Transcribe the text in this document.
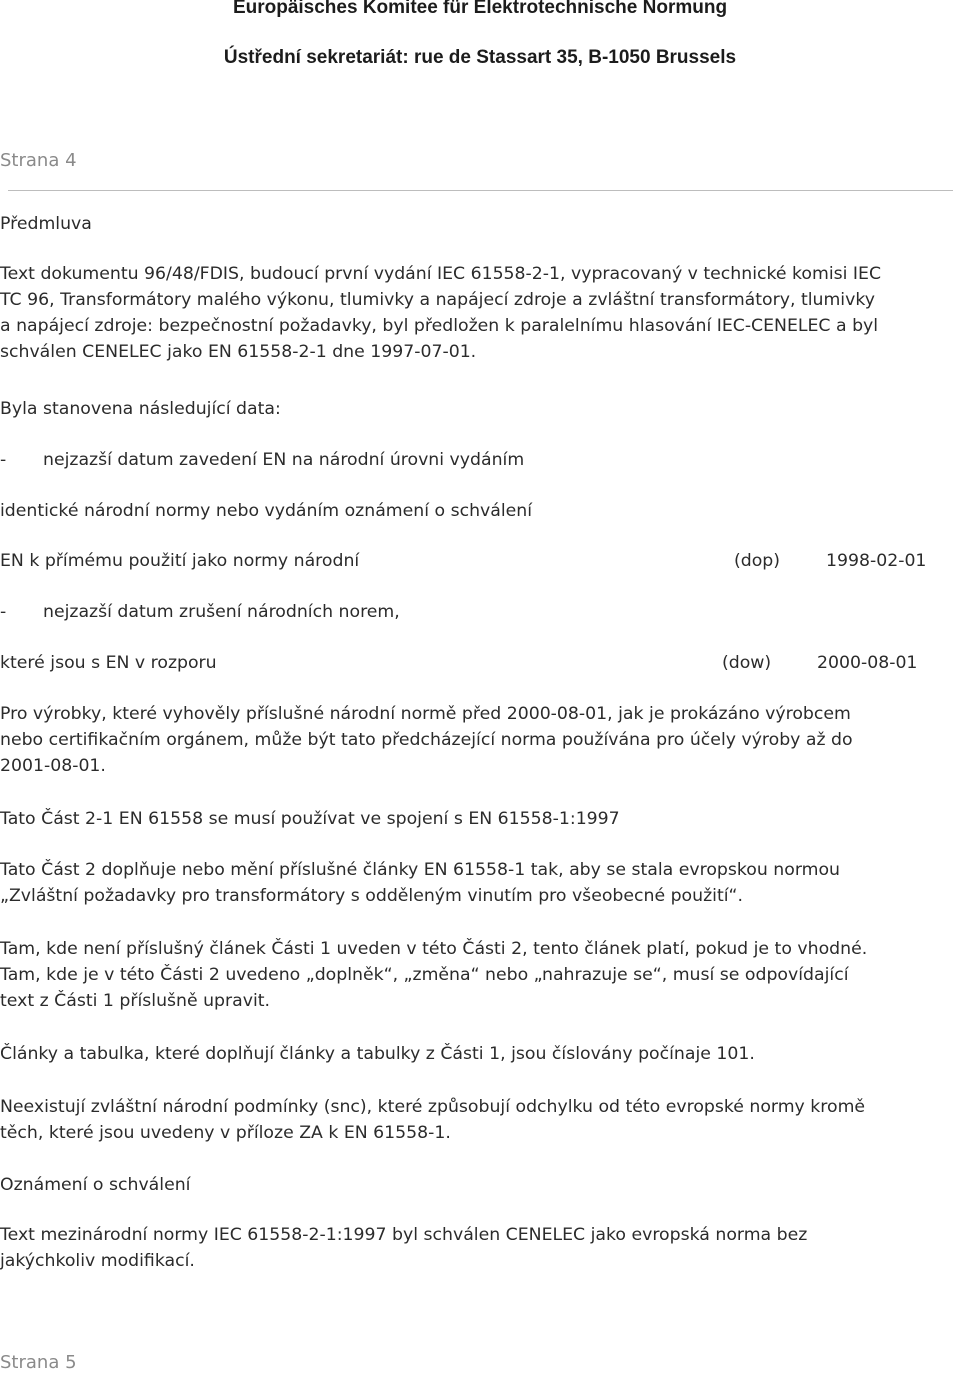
Europäisches Komitee für Elektrotechnische Normung
Ústřední sekretariát: rue de Stassart 35, B-1050 Brussels
Strana 4
Předmluva
Text dokumentu 96/48/FDIS, budoucí první vydání IEC 61558-2-1, vypracovaný v technické komisi IEC
TC 96, Transformátory malého výkonu, tlumivky a napájecí zdroje a zvláštní transformátory, tlumivky
a napájecí zdroje: bezpečnostní požadavky, byl předložen k paralelnímu hlasování IEC-CENELEC a byl
schválen CENELEC jako EN 61558-2-1 dne 1997-07-01.
Byla stanovena následující data:
- nejzazší datum zavedení EN na národní úrovni vydáním
identické národní normy nebo vydáním oznámení o schválení
EN k přímému použití jako normy národní	(dop)	1998-02-01
- nejzazší datum zrušení národních norem,
které jsou s EN v rozporu	(dow)	2000-08-01
Pro výrobky, které vyhověly příslušné národní normě před 2000-08-01, jak je prokázáno výrobcem
nebo certifikačním orgánem, může být tato předcházející norma používána pro účely výroby až do
2001-08-01.
Tato Část 2-1 EN 61558 se musí používat ve spojení s EN 61558-1:1997
Tato Část 2 doplňuje nebo mění příslušné články EN 61558-1 tak, aby se stala evropskou normou
„Zvláštní požadavky pro transformátory s odděleným vinutím pro všeobecné použití“.
Tam, kde není příslušný článek Části 1 uveden v této Části 2, tento článek platí, pokud je to vhodné.
Tam, kde je v této Části 2 uvedeno „doplněk“, „změna“ nebo „nahrazuje se“, musí se odpovídající
text z Části 1 příslušně upravit.
Články a tabulka, které doplňují články a tabulky z Části 1, jsou číslovány počínaje 101.
Neexistují zvláštní národní podmínky (snc), které způsobují odchylku od této evropské normy kromě
těch, které jsou uvedeny v příloze ZA k EN 61558-1.
Oznámení o schválení
Text mezinárodní normy IEC 61558-2-1:1997 byl schválen CENELEC jako evropská norma bez
jakýchkoliv modifikací.
Strana 5
